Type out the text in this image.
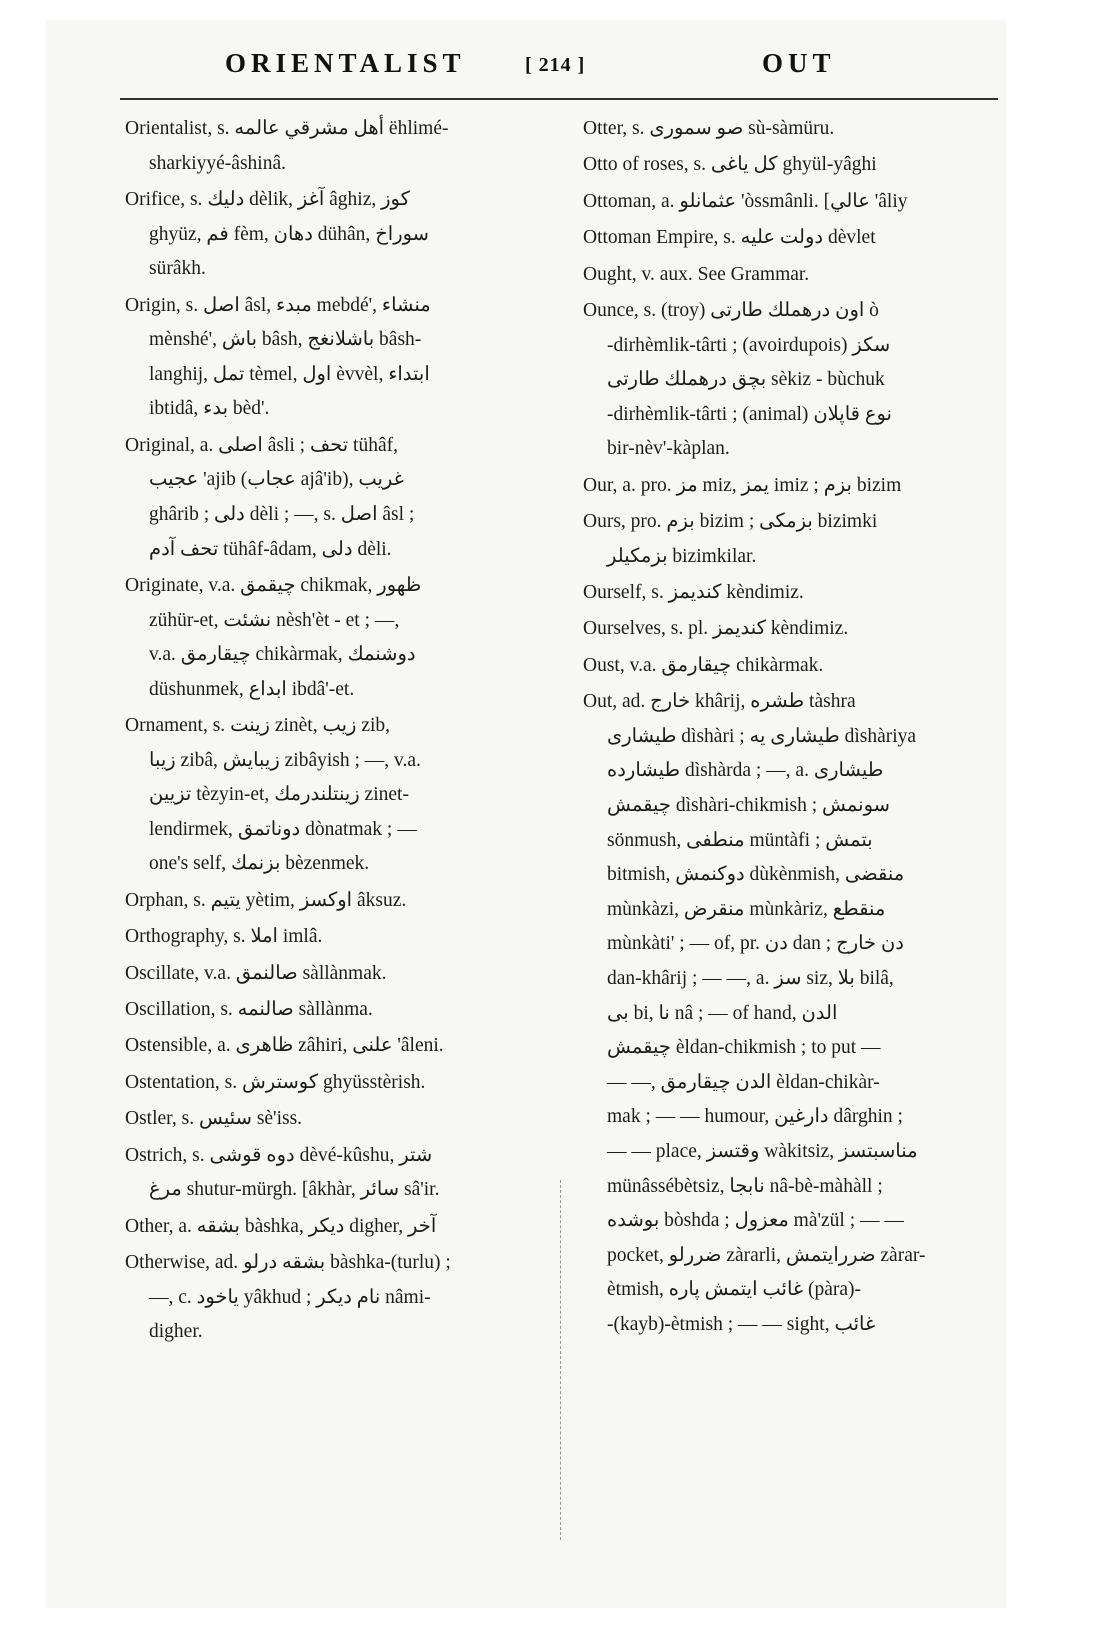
ORIENTALIST	[ 214 ]	OUT
Orientalist, s. أهل مشرقي عالمه ëhlimé-
sharkiyyé-âshinâ.
Orifice, s. دليك dèlik, آغز âghiz, كوز
ghyüz, فم fèm, دهان dühân, سوراخ
sürâkh.
Origin, s. اصل âsl, مبدء mebdé', منشاء
mènshé', باش bâsh, باشلانغج bâsh-
langhij, تمل tèmel, اول èvvèl, ابتداء
ibtidâ, بدء bèd'.
Original, a. اصلی âsli ; تحف tühâf,
عجيب 'ajib (عجاب ajâ'ib), غريب
ghârib ; دلى dèli ; —, s. اصل âsl ;
تحف آدم tühâf-âdam, دلی dèli.
Originate, v.a. چيقمق chikmak, ظهور
zühür-et, نشئت nèsh'èt - et ; —,
v.a. چيقارمق chikàrmak, دوشنمك
düshunmek, ابداع ibdâ'-et.
Ornament, s. زينت zinèt, زيب zib,
زيبا zibâ, زيبايش zibâyish ; —, v.a.
تزيين tèzyin-et, زينتلندرمك zinet-
lendirmek, دوناتمق dònatmak ; —
one's self, بزنمك bèzenmek.
Orphan, s. يتيم yètim, اوكسز âksuz.
Orthography, s. املا imlâ.
Oscillate, v.a. صالنمق sàllànmak.
Oscillation, s. صالنمه sàllànma.
Ostensible, a. ظاهرى zâhiri, علنى 'âleni.
Ostentation, s. كوسترش ghyüsstèrish.
Ostler, s. سئيس sè'iss.
Ostrich, s. دوه قوشى dèvé-kûshu, شتر
مرغ shutur-mürgh. [âkhàr, سائر sâ'ir.
Other, a. بشقه bàshka, ديكر digher, آخر
Otherwise, ad. بشقه درلو bàshka-(turlu) ;
—, c. ياخود yâkhud ; نام ديكر nâmi-
digher.
Otter, s. صو سمورى sù-sàmüru.
Otto of roses, s. كل ياغى ghyül-yâghi
Ottoman, a. عثمانلو 'òssmânli. [عالي 'âliy
Ottoman Empire, s. دولت عليه dèvlet
Ought, v. aux. See Grammar.
Ounce, s. (troy) اون درهملك طارتى ò
-dirhèmlik-târti ; (avoirdupois) سكز
بچق درهملك طارتى sèkiz - bùchuk
-dirhèmlik-târti ; (animal) نوع قاپلان
bir-nèv'-kàplan.
Our, a. pro. مز miz, يمز imiz ; بزم bizim
Ours, pro. بزم bizim ; بزمكى bizimki
بزمكيلر bizimkilar.
Ourself, s. كنديمز kèndimiz.
Ourselves, s. pl. كنديمز kèndimiz.
Oust, v.a. چيقارمق chikàrmak.
Out, ad. خارج khârij, طشره tàshra
طيشارى dìshàri ; طيشارى يه dìshàriya
طيشارده dìshàrda ; —, a. طيشارى
چيقمش dìshàri-chikmish ; سونمش
sönmush, منطفى müntàfi ; بتمش
bitmish, دوكنمش dùkènmish, منقضى
mùnkàzi, منقرض mùnkàriz, منقطع
mùnkàti' ; — of, pr. دن dan ; دن خارج
dan-khârij ; — —, a. سز siz, بلا bilâ,
بى bi, نا nâ ; — of hand, الدن
چيقمش èldan-chikmish ; to put —
— —, الدن چيقارمق èldan-chikàr-
mak ; — — humour, دارغين dârghin ;
— — place, وقتسز wàkitsiz, مناسبتسز
münâssébètsiz, نابجا nâ-bè-màhàll ;
بوشده bòshda ; معزول mà'zül ; — —
pocket, ضررلو zàrarli, ضررايتمش zàrar-
ètmish, غائب ايتمش پاره (pàra)-
-(kayb)-ètmish ; — — sight, غائب
